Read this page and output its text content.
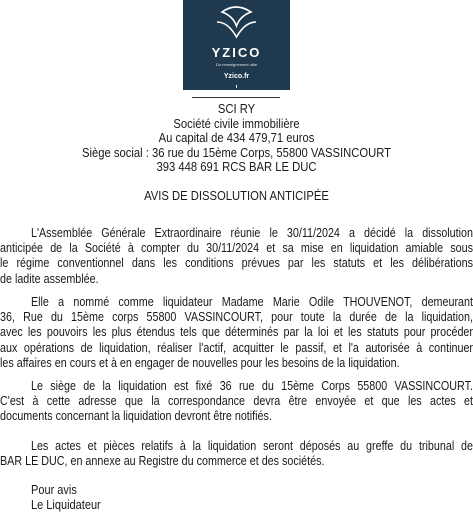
YZICO
Du renseignement utile
Yzico.fr
SCI RY
Société civile immobilière
Au capital de 434 479,71 euros
Siège social : 36 rue du 15ème Corps, 55800 VASSINCOURT
393 448 691 RCS BAR LE DUC
AVIS DE DISSOLUTION ANTICIPÉE
L'Assemblée Générale Extraordinaire réunie le 30/11/2024 a décidé la dissolution
anticipée de la Société à compter du 30/11/2024 et sa mise en liquidation amiable sous
le régime conventionnel dans les conditions prévues par les statuts et les délibérations
de ladite assemblée.
Elle a nommé comme liquidateur Madame Marie Odile THOUVENOT, demeurant
36, Rue du 15ème corps 55800 VASSINCOURT, pour toute la durée de la liquidation,
avec les pouvoirs les plus étendus tels que déterminés par la loi et les statuts pour procéder
aux opérations de liquidation, réaliser l'actif, acquitter le passif, et l'a autorisée à continuer
les affaires en cours et à en engager de nouvelles pour les besoins de la liquidation.
Le siège de la liquidation est fixé 36 rue du 15ème Corps 55800 VASSINCOURT.
C'est à cette adresse que la correspondance devra être envoyée et que les actes et
documents concernant la liquidation devront être notifiés.
Les actes et pièces relatifs à la liquidation seront déposés au greffe du tribunal de
BAR LE DUC, en annexe au Registre du commerce et des sociétés.
Pour avis
Le Liquidateur
